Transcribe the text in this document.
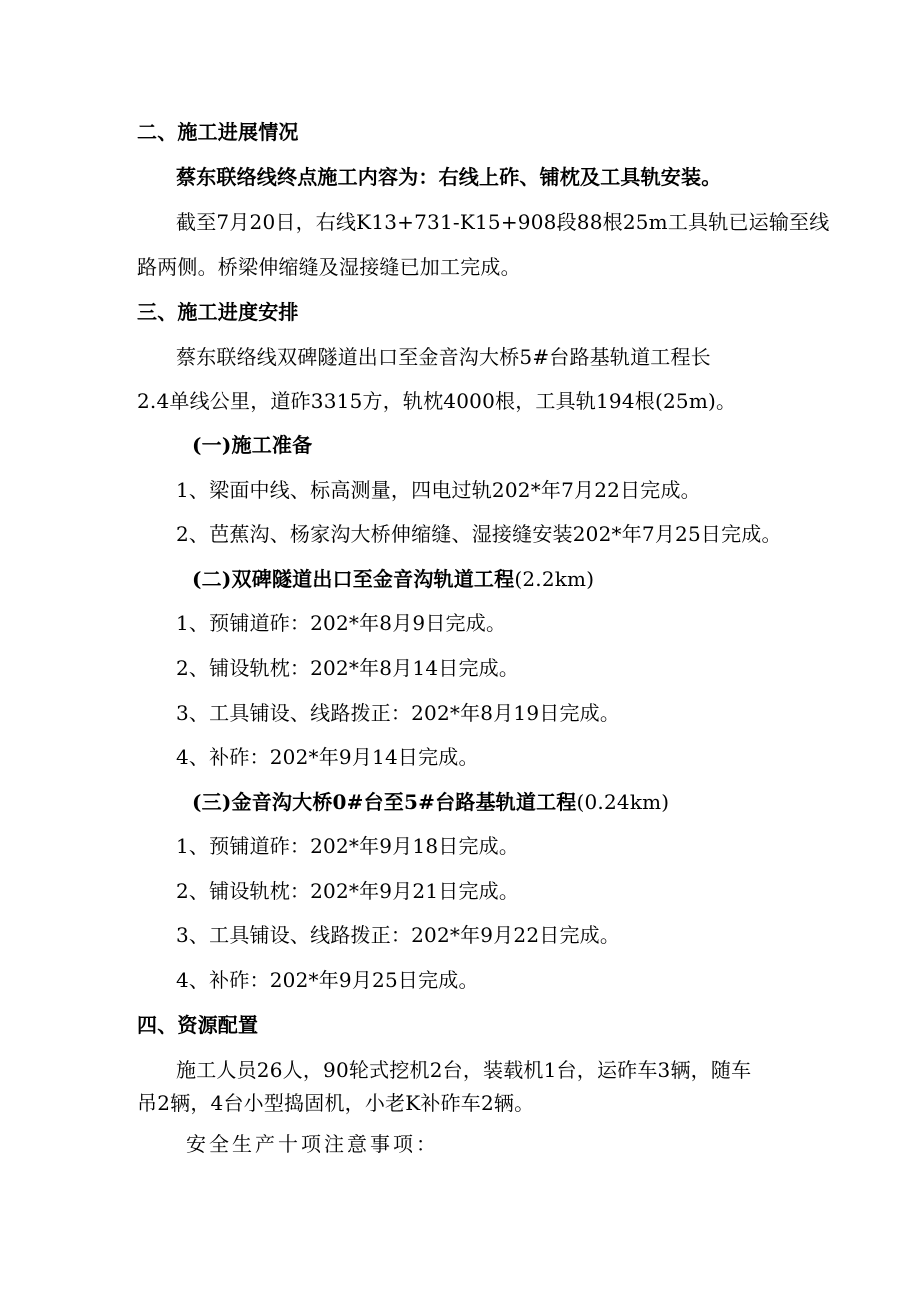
二、施工进展情况
蔡东联络线终点施工内容为：右线上砟、铺枕及工具轨安装。
截至7月20日，右线K13+731-K15+908段88根25m工具轨已运输至线
路两侧。桥梁伸缩缝及湿接缝已加工完成。
三、施工进度安排
蔡东联络线双碑隧道出口至金音沟大桥5#台路基轨道工程长
2.4单线公里，道砟3315方，轨枕4000根，工具轨194根(25m)。
(一)施工准备
1、梁面中线、标高测量，四电过轨202*年7月22日完成。
2、芭蕉沟、杨家沟大桥伸缩缝、湿接缝安装202*年7月25日完成。
(二)双碑隧道出口至金音沟轨道工程(2.2km)
1、预铺道砟：202*年8月9日完成。
2、铺设轨枕：202*年8月14日完成。
3、工具铺设、线路拨正：202*年8月19日完成。
4、补砟：202*年9月14日完成。
(三)金音沟大桥0#台至5#台路基轨道工程(0.24km)
1、预铺道砟：202*年9月18日完成。
2、铺设轨枕：202*年9月21日完成。
3、工具铺设、线路拨正：202*年9月22日完成。
4、补砟：202*年9月25日完成。
四、资源配置
施工人员26人，90轮式挖机2台，装载机1台，运砟车3辆，随车
吊2辆，4台小型捣固机，小老K补砟车2辆。
安全生产十项注意事项：
